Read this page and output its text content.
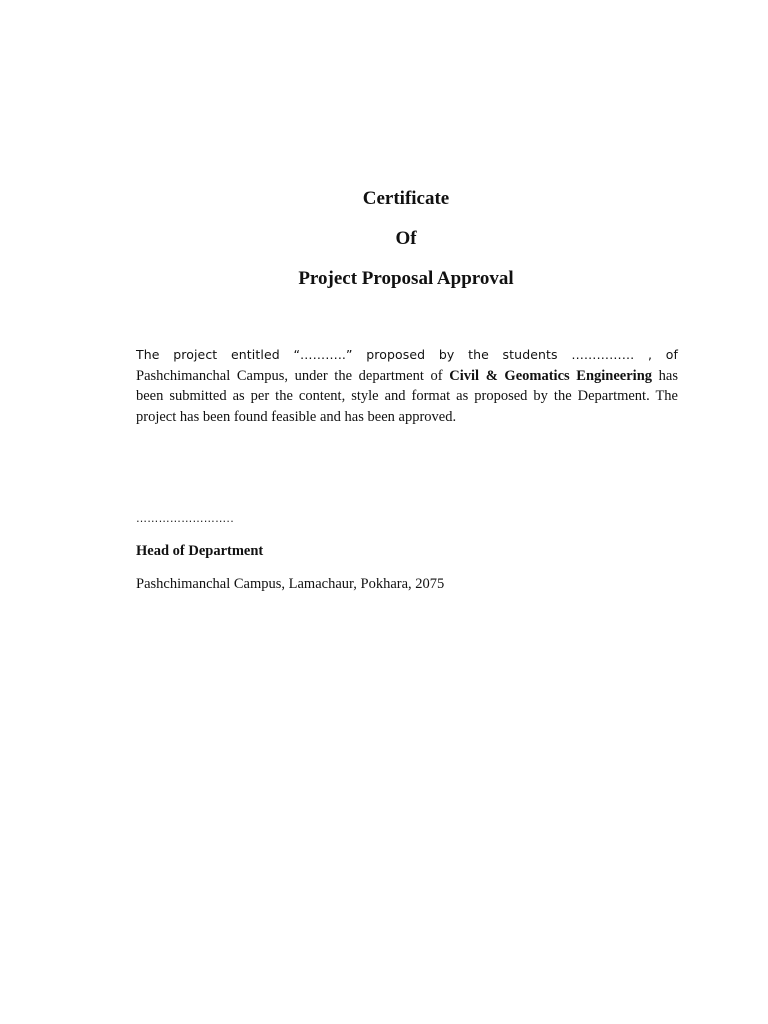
Certificate
Of
Project Proposal Approval
The project entitled “………..” proposed by the students …………… , of
Pashchimanchal Campus, under the department of Civil & Geomatics Engineering has been submitted as per the content, style and format as proposed by the Department. The project has been found feasible and has been approved.
……………………..
Head of Department
Pashchimanchal Campus, Lamachaur, Pokhara, 2075
